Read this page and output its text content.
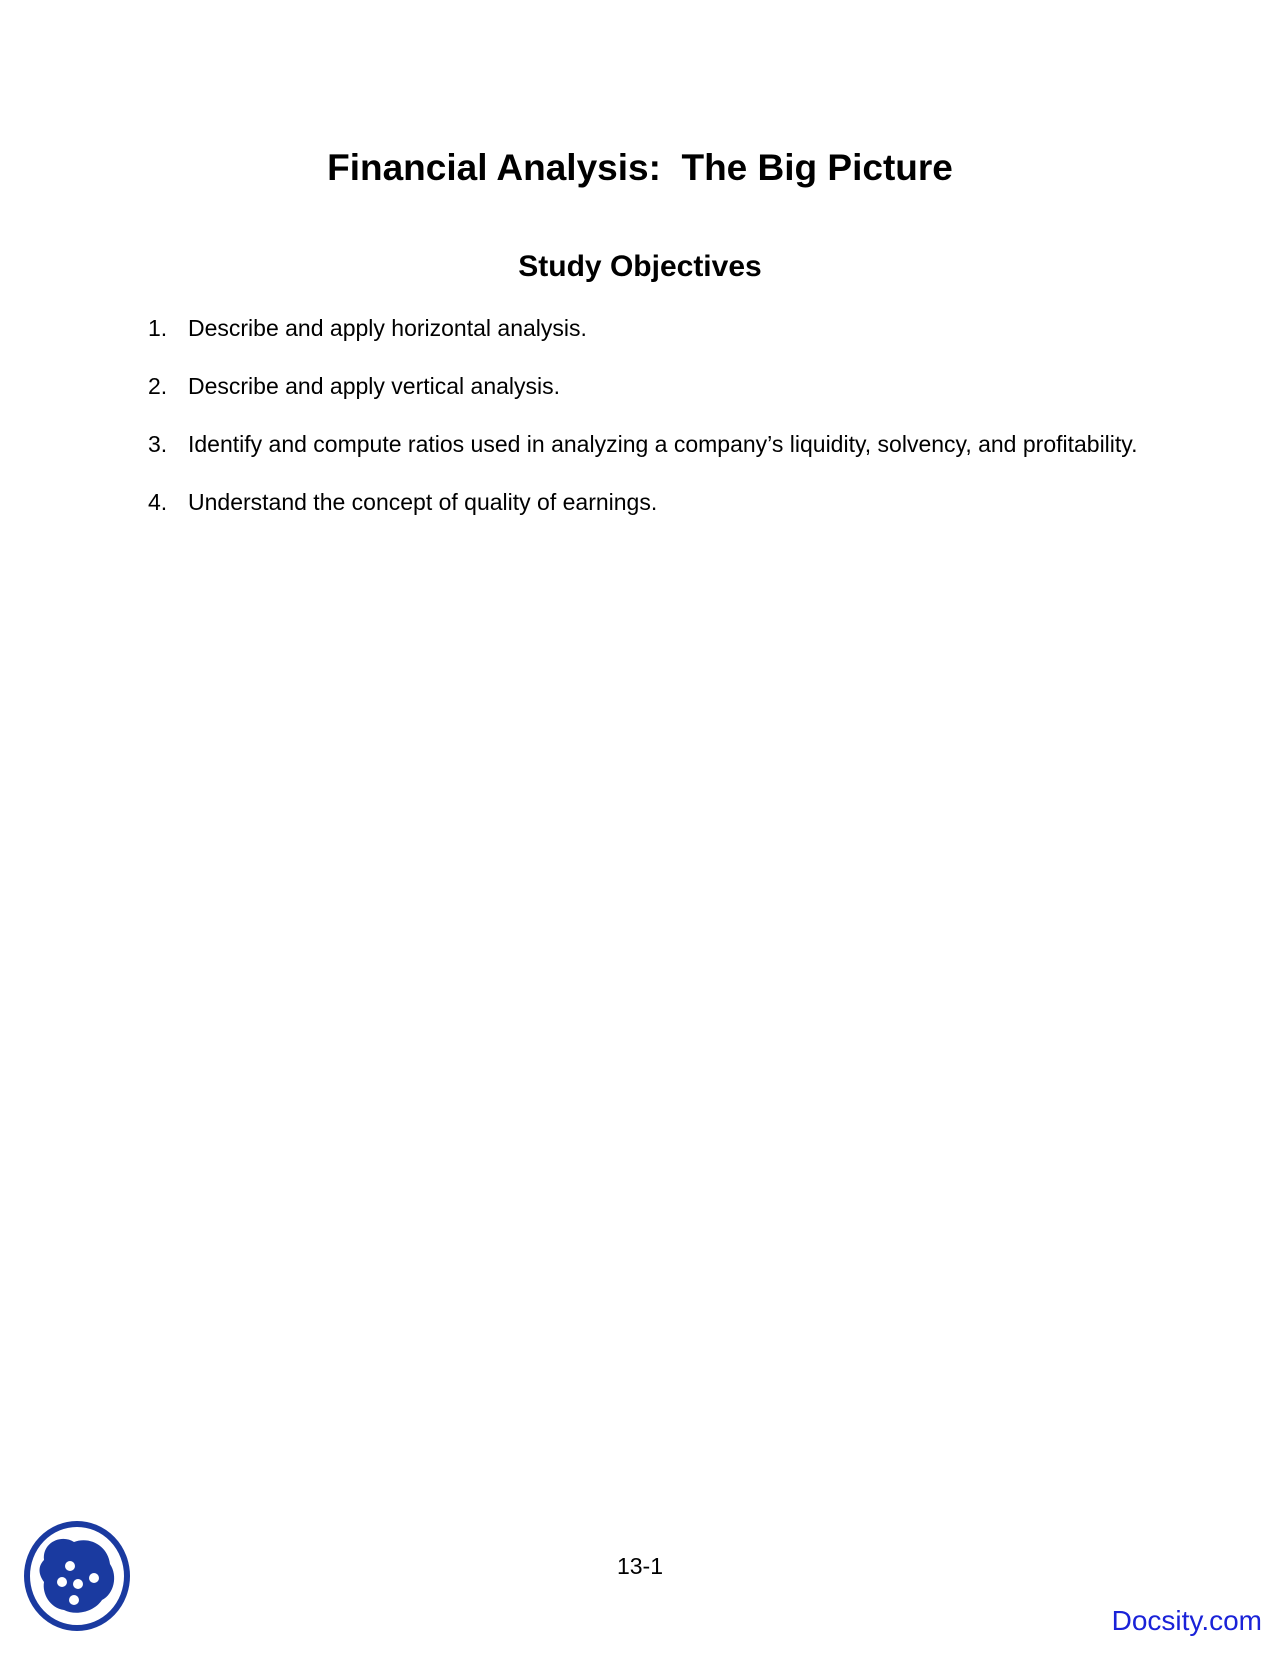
Financial Analysis:  The Big Picture
Study Objectives
1. Describe and apply horizontal analysis.
2. Describe and apply vertical analysis.
3. Identify and compute ratios used in analyzing a company’s liquidity, solvency, and profitability.
4. Understand the concept of quality of earnings.
13-1
Docsity.com
